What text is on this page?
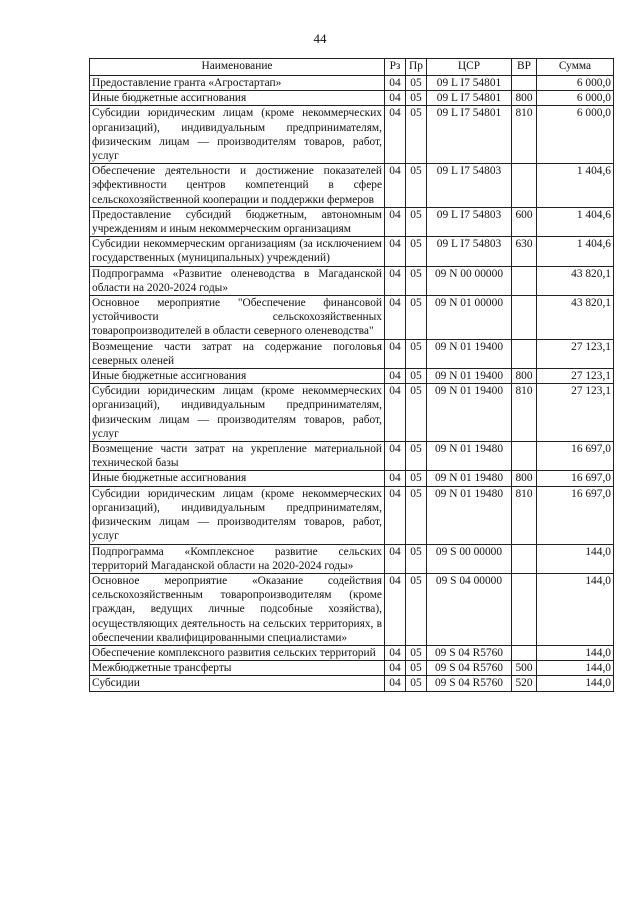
44
Наименование	Рз	Пр	ЦСР	ВР	Сумма
Предоставление гранта «Агростартап»	04	05	09 L I7 54801		6 000,0
Иные бюджетные ассигнования	04	05	09 L I7 54801	800	6 000,0
Субсидии юридическим лицам (кроме некоммерческих организаций), индивидуальным предпринимателям, физическим лицам — производителям товаров, работ, услуг	04	05	09 L I7 54801	810	6 000,0
Обеспечение деятельности и достижение показателей эффективности центров компетенций в сфере сельскохозяйственной кооперации и поддержки фермеров	04	05	09 L I7 54803		1 404,6
Предоставление субсидий бюджетным, автономным учреждениям и иным некоммерческим организациям	04	05	09 L I7 54803	600	1 404,6
Субсидии некоммерческим организациям (за исключением государственных (муниципальных) учреждений)	04	05	09 L I7 54803	630	1 404,6
Подпрограмма «Развитие оленеводства в Магаданской области на 2020-2024 годы»	04	05	09 N 00 00000		43 820,1
Основное мероприятие "Обеспечение финансовой устойчивости сельскохозяйственных товаропроизводителей в области северного оленеводства"	04	05	09 N 01 00000		43 820,1
Возмещение части затрат на содержание поголовья северных оленей	04	05	09 N 01 19400		27 123,1
Иные бюджетные ассигнования	04	05	09 N 01 19400	800	27 123,1
Субсидии юридическим лицам (кроме некоммерческих организаций), индивидуальным предпринимателям, физическим лицам — производителям товаров, работ, услуг	04	05	09 N 01 19400	810	27 123,1
Возмещение части затрат на укрепление материальной технической базы	04	05	09 N 01 19480		16 697,0
Иные бюджетные ассигнования	04	05	09 N 01 19480	800	16 697,0
Субсидии юридическим лицам (кроме некоммерческих организаций), индивидуальным предпринимателям, физическим лицам — производителям товаров, работ, услуг	04	05	09 N 01 19480	810	16 697,0
Подпрограмма «Комплексное развитие сельских территорий Магаданской области на 2020-2024 годы»	04	05	09 S 00 00000		144,0
Основное мероприятие «Оказание содействия сельскохозяйственным товаропроизводителям (кроме граждан, ведущих личные подсобные хозяйства), осуществляющих деятельность на сельских территориях, в обеспечении квалифицированными специалистами»	04	05	09 S 04 00000		144,0
Обеспечение комплексного развития сельских территорий	04	05	09 S 04 R5760		144,0
Межбюджетные трансферты	04	05	09 S 04 R5760	500	144,0
Субсидии	04	05	09 S 04 R5760	520	144,0
